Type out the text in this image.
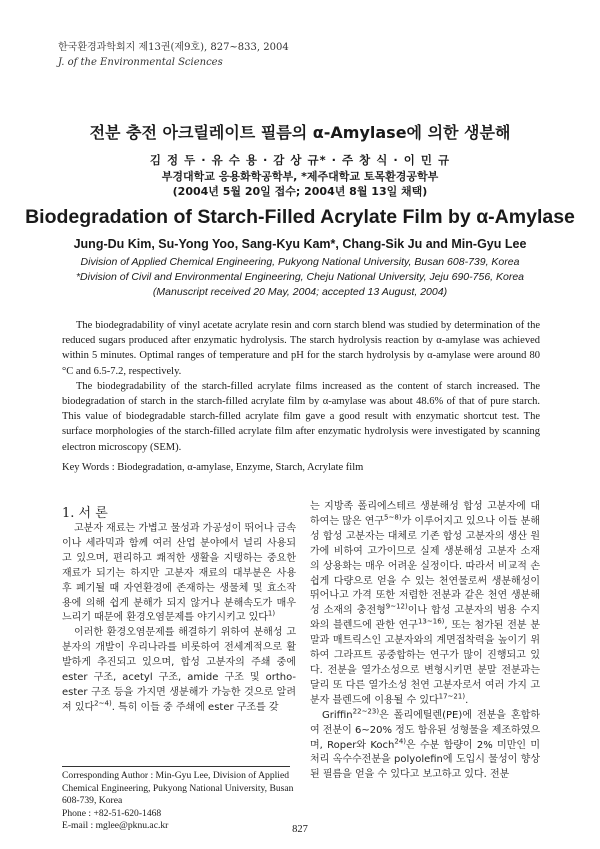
한국환경과학회지 제13권(제9호), 827~833, 2004
J. of the Environmental Sciences
전분 충전 아크릴레이트 필름의 α-Amylase에 의한 생분해
김 정 두 · 유 수 용 · 감 상 규* · 주 창 식 · 이 민 규
부경대학교 응용화학공학부, *제주대학교 토목환경공학부
(2004년 5월 20일 접수; 2004년 8월 13일 채택)
Biodegradation of Starch-Filled Acrylate Film by α-Amylase
Jung-Du Kim, Su-Yong Yoo, Sang-Kyu Kam*, Chang-Sik Ju and Min-Gyu Lee
Division of Applied Chemical Engineering, Pukyong National University, Busan 608-739, Korea
*Division of Civil and Environmental Engineering, Cheju National University, Jeju 690-756, Korea
(Manuscript received 20 May, 2004; accepted 13 August, 2004)

The biodegradability of vinyl acetate acrylate resin and corn starch blend was studied by determination of the reduced sugars produced after enzymatic hydrolysis. The starch hydrolysis reaction by α-amylase was achieved within 5 minutes. Optimal ranges of temperature and pH for the starch hydrolysis by α-amylase were around 80 °C and 6.5-7.2, respectively.

The biodegradability of the starch-filled acrylate films increased as the content of starch increased. The biodegradation of starch in the starch-filled acrylate film by α-amylase was about 48.6% of that of pure starch. This value of biodegradable starch-filled acrylate film gave a good result with enzymatic shortcut test. The surface morphologies of the starch-filled acrylate film after enzymatic hydrolysis were investigated by scanning electron microscopy (SEM).

Key Words : Biodegradation, α-amylase, Enzyme, Starch, Acrylate film
1. 서 론

고분자 재료는 가볍고 물성과 가공성이 뛰어나 금속이나 세라믹과 함께 여러 산업 분야에서 널리 사용되고 있으며, 편리하고 쾌적한 생활을 지탱하는 중요한 재료가 되기는 하지만 고분자 재료의 대부분은 사용 후 폐기될 때 자연환경에 존재하는 생물체 및 효소작용에 의해 쉽게 분해가 되지 않거나 분해속도가 매우 느리기 때문에 환경오염문제를 야기시키고 있다$^{1)}$

이러한 환경오염문제를 해결하기 위하여 분해성 고분자의 개발이 우리나라를 비롯하여 전세계적으로 활발하게 추진되고 있으며, 합성 고분자의 주쇄 중에 ester 구조, acetyl 구조, amide 구조 및 ortho-ester 구조 등을 가지면 생분해가 가능한 것으로 알려져 있다$^{2\sim 4)}$. 특히 이들 중 주쇄에 ester 구조를 갖

는 지방족 폴리에스테르 생분해성 합성 고분자에 대하여는 많은 연구$^{5\sim 8)}$가 이루어지고 있으나 이들 분해성 합성 고분자는 대체로 기존 합성 고분자의 생산 원가에 비하여 고가이므로 실제 생분해성 고분자 소재의 상용화는 매우 어려운 실정이다. 따라서 비교적 손쉽게 다량으로 얻을 수 있는 천연물로써 생분해성이 뛰어나고 가격 또한 저렴한 전분과 같은 천연 생분해성 소재의 충전형$^{9\sim 12)}$이나 합성 고분자의 범용 수지와의 블렌드에 관한 연구$^{13\sim 16)}$, 또는 첨가된 전분 분말과 매트릭스인 고분자와의 계면접착력을 높이기 위하여 그라프트 공중합하는 연구가 많이 진행되고 있다. 전분을 열가소성으로 변형시키면 분말 전분과는 달리 또 다른 열가소성 천연 고분자로서 여러 가지 고분자 블렌드에 이용될 수 있다$^{17\sim 21)}$.

Griffin$^{22\sim 23)}$은 폴리에틸렌(PE)에 전분을 혼합하여 전분이 6~20% 정도 함유된 성형물을 제조하였으며, Roper와 Koch$^{24)}$은 수분 함량이 2% 미만인 미처리 옥수수전분을 polyolefin에 도입시 물성이 향상된 필름을 얻을 수 있다고 보고하고 있다. 전분

Corresponding Author : Min-Gyu Lee, Division of Applied Chemical Engineering, Pukyong National University, Busan 608-739, Korea
Phone : +82-51-620-1468
E-mail : mglee@pknu.ac.kr	827
